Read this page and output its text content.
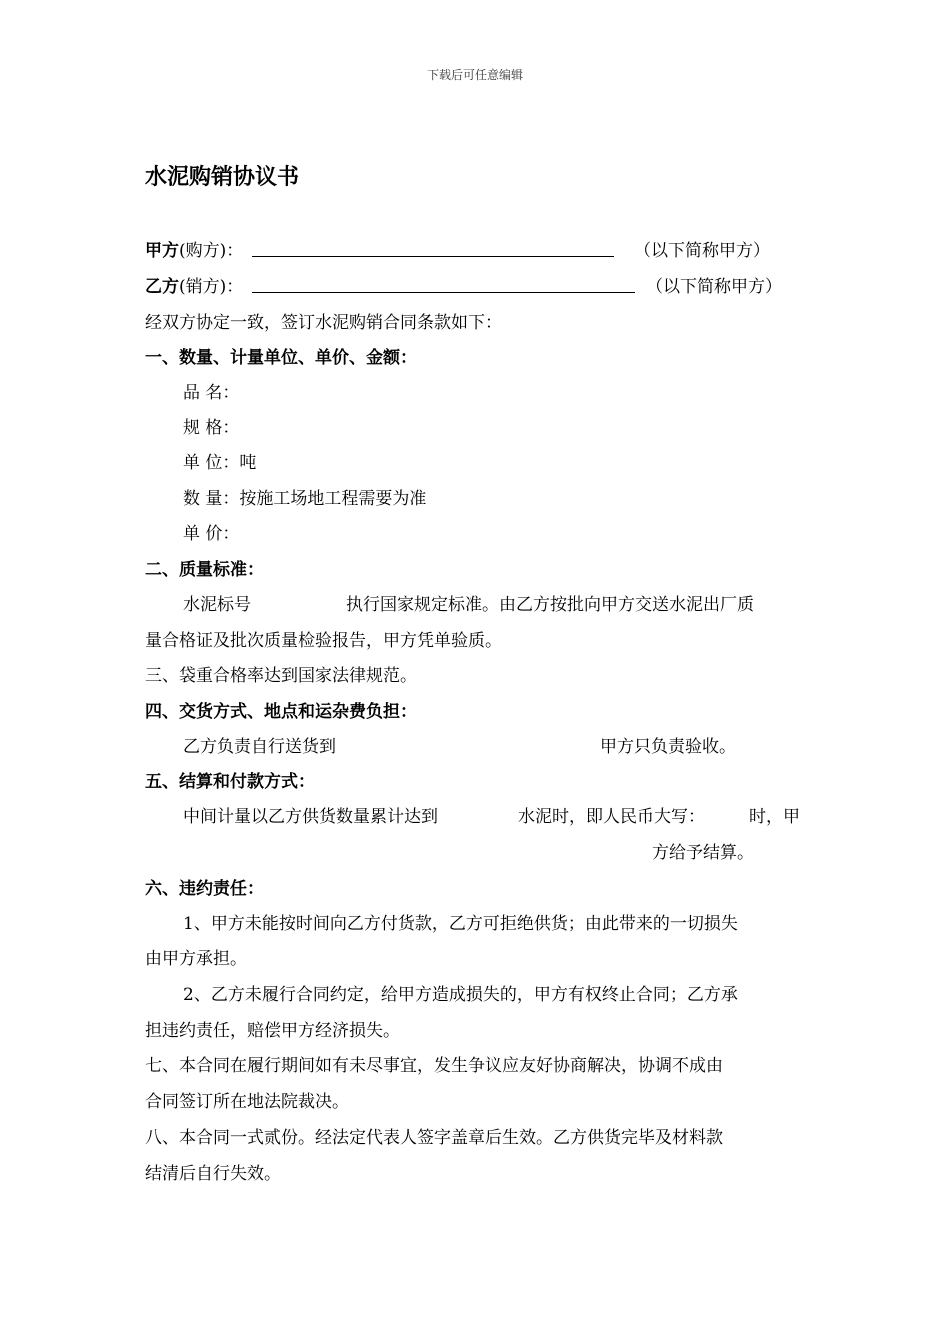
下载后可任意编辑
水泥购销协议书
甲方(购方)：	（以下简称甲方）
乙方(销方)：	（以下简称甲方）
经双方协定一致，签订水泥购销合同条款如下：
一、数量、计量单位、单价、金额：
品 名：
规 格：
单 位：吨
数 量：按施工场地工程需要为准
单 价：
二、质量标准：
水泥标号	执行国家规定标准。由乙方按批向甲方交送水泥出厂质
量合格证及批次质量检验报告，甲方凭单验质。
三、袋重合格率达到国家法律规范。
四、交货方式、地点和运杂费负担：
乙方负责自行送货到	甲方只负责验收。
五、结算和付款方式：
中间计量以乙方供货数量累计达到	水泥时，即人民币大写：	时，甲
方给予结算。
六、违约责任：
1、甲方未能按时间向乙方付货款，乙方可拒绝供货；由此带来的一切损失
由甲方承担。
2、乙方未履行合同约定，给甲方造成损失的，甲方有权终止合同；乙方承
担违约责任，赔偿甲方经济损失。
七、本合同在履行期间如有未尽事宜，发生争议应友好协商解决，协调不成由
合同签订所在地法院裁决。
八、本合同一式贰份。经法定代表人签字盖章后生效。乙方供货完毕及材料款
结清后自行失效。
